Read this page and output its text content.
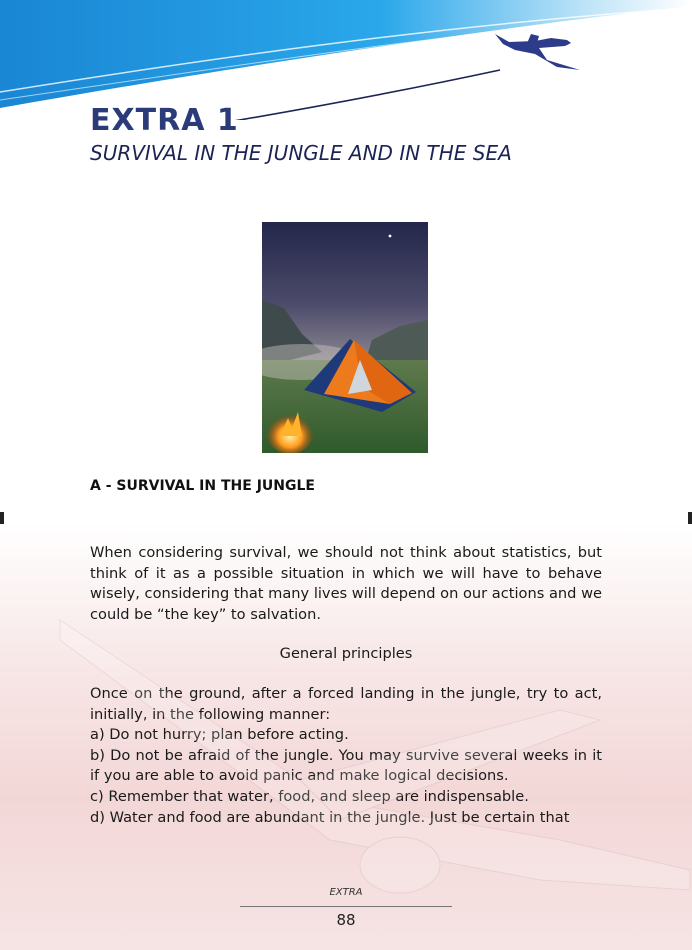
EXTRA 1
SURVIVAL IN THE JUNGLE AND IN THE SEA
A - SURVIVAL IN THE JUNGLE

When considering survival, we should not think about statistics, but think of it as a possible situation in which we will have to behave wisely, considering that many lives will depend on our actions and we could be “the key” to salvation.

General principles
Once on the ground, after a forced landing in the jungle, try to act, initially, in the following manner:
a) Do not hurry; plan before acting.
b) Do not be afraid of the jungle. You may survive several weeks in it if you are able to avoid panic and make logical decisions.
c) Remember that water, food, and sleep are indispensable.
d) Water and food are abundant in the jungle. Just be certain that
EXTRA
88
